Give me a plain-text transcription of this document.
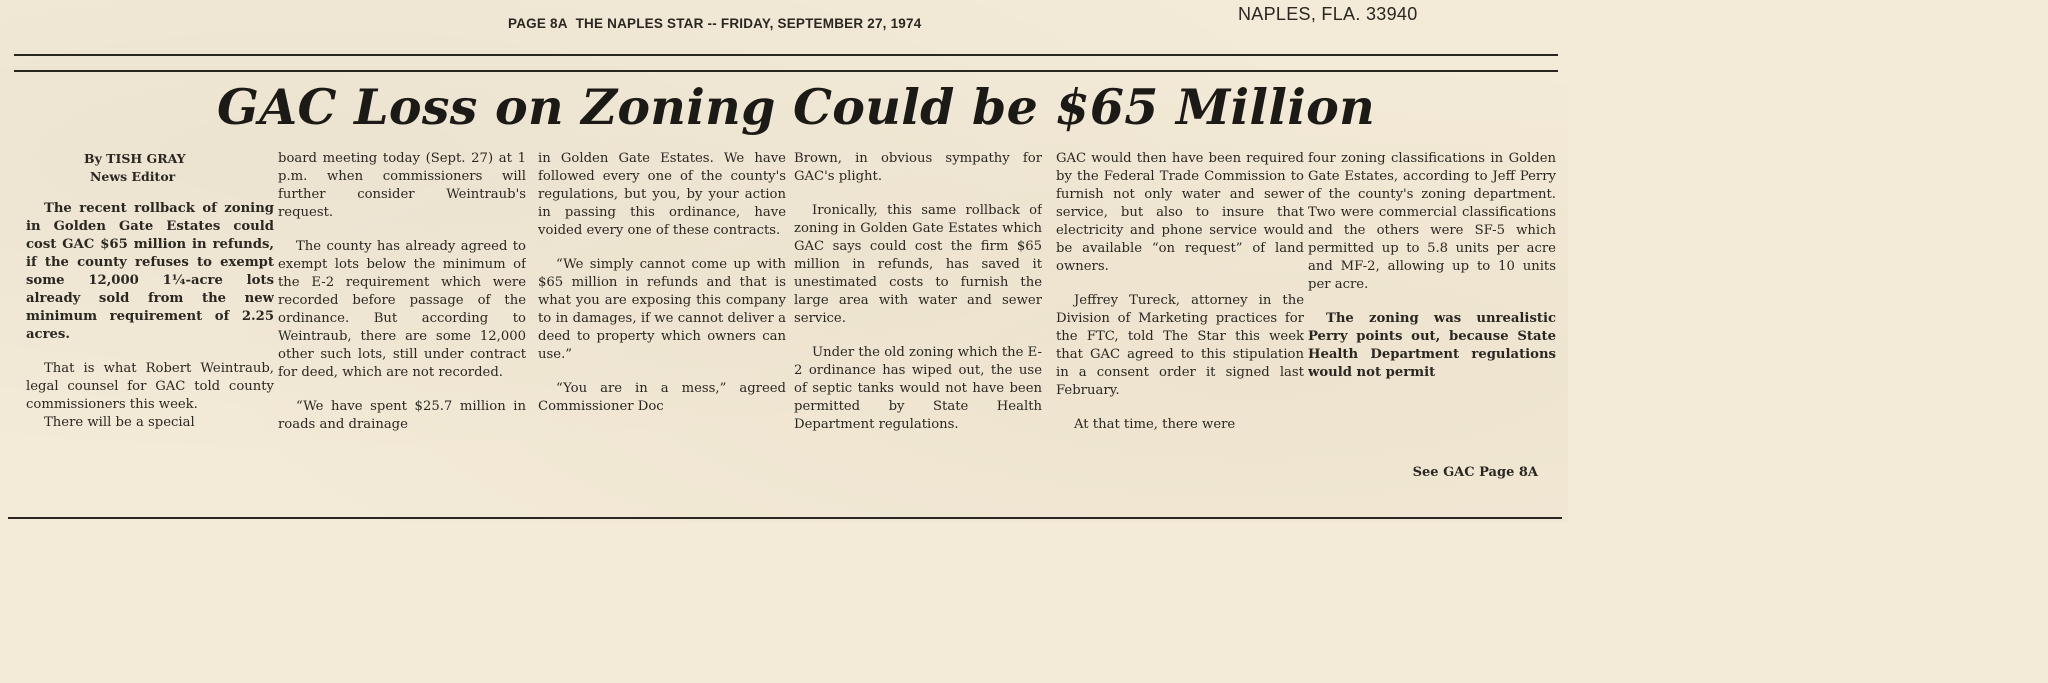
PAGE 8A THE NAPLES STAR -- FRIDAY, SEPTEMBER 27, 1974	NAPLES, FLA. 33940
GAC Loss on Zoning Could be $65 Million
By TISH GRAY
News Editor

The recent rollback of zoning in Golden Gate Estates could cost GAC $65 million in refunds, if the county refuses to exempt some 12,000 1¼-acre lots already sold from the new minimum requirement of 2.25 acres.

That is what Robert Weintraub, legal counsel for GAC told county commissioners this week.

There will be a special

board meeting today (Sept. 27) at 1 p.m. when commissioners will further consider Weintraub's request.

The county has already agreed to exempt lots below the minimum of the E-2 requirement which were recorded before passage of the ordinance. But according to Weintraub, there are some 12,000 other such lots, still under contract for deed, which are not recorded.

“We have spent $25.7 million in roads and drainage

in Golden Gate Estates. We have followed every one of the county's regulations, but you, by your action in passing this ordinance, have voided every one of these contracts.

“We simply cannot come up with $65 million in refunds and that is what you are exposing this company to in damages, if we cannot deliver a deed to property which owners can use.”

“You are in a mess,” agreed Commissioner Doc

Brown, in obvious sympathy for GAC's plight.

Ironically, this same rollback of zoning in Golden Gate Estates which GAC says could cost the firm $65 million in refunds, has saved it unestimated costs to furnish the large area with water and sewer service.

Under the old zoning which the E-2 ordinance has wiped out, the use of septic tanks would not have been permitted by State Health Department regulations.

GAC would then have been required by the Federal Trade Commission to furnish not only water and sewer service, but also to insure that electricity and phone service would be available “on request” of land owners.

Jeffrey Tureck, attorney in the Division of Marketing practices for the FTC, told The Star this week that GAC agreed to this stipulation in a consent order it signed last February.

At that time, there were

four zoning classifications in Golden Gate Estates, according to Jeff Perry of the county's zoning department. Two were commercial classifications and the others were SF-5 which permitted up to 5.8 units per acre and MF-2, allowing up to 10 units per acre.

The zoning was unrealistic Perry points out, because State Health Department regulations would not permit

See GAC Page 8A
